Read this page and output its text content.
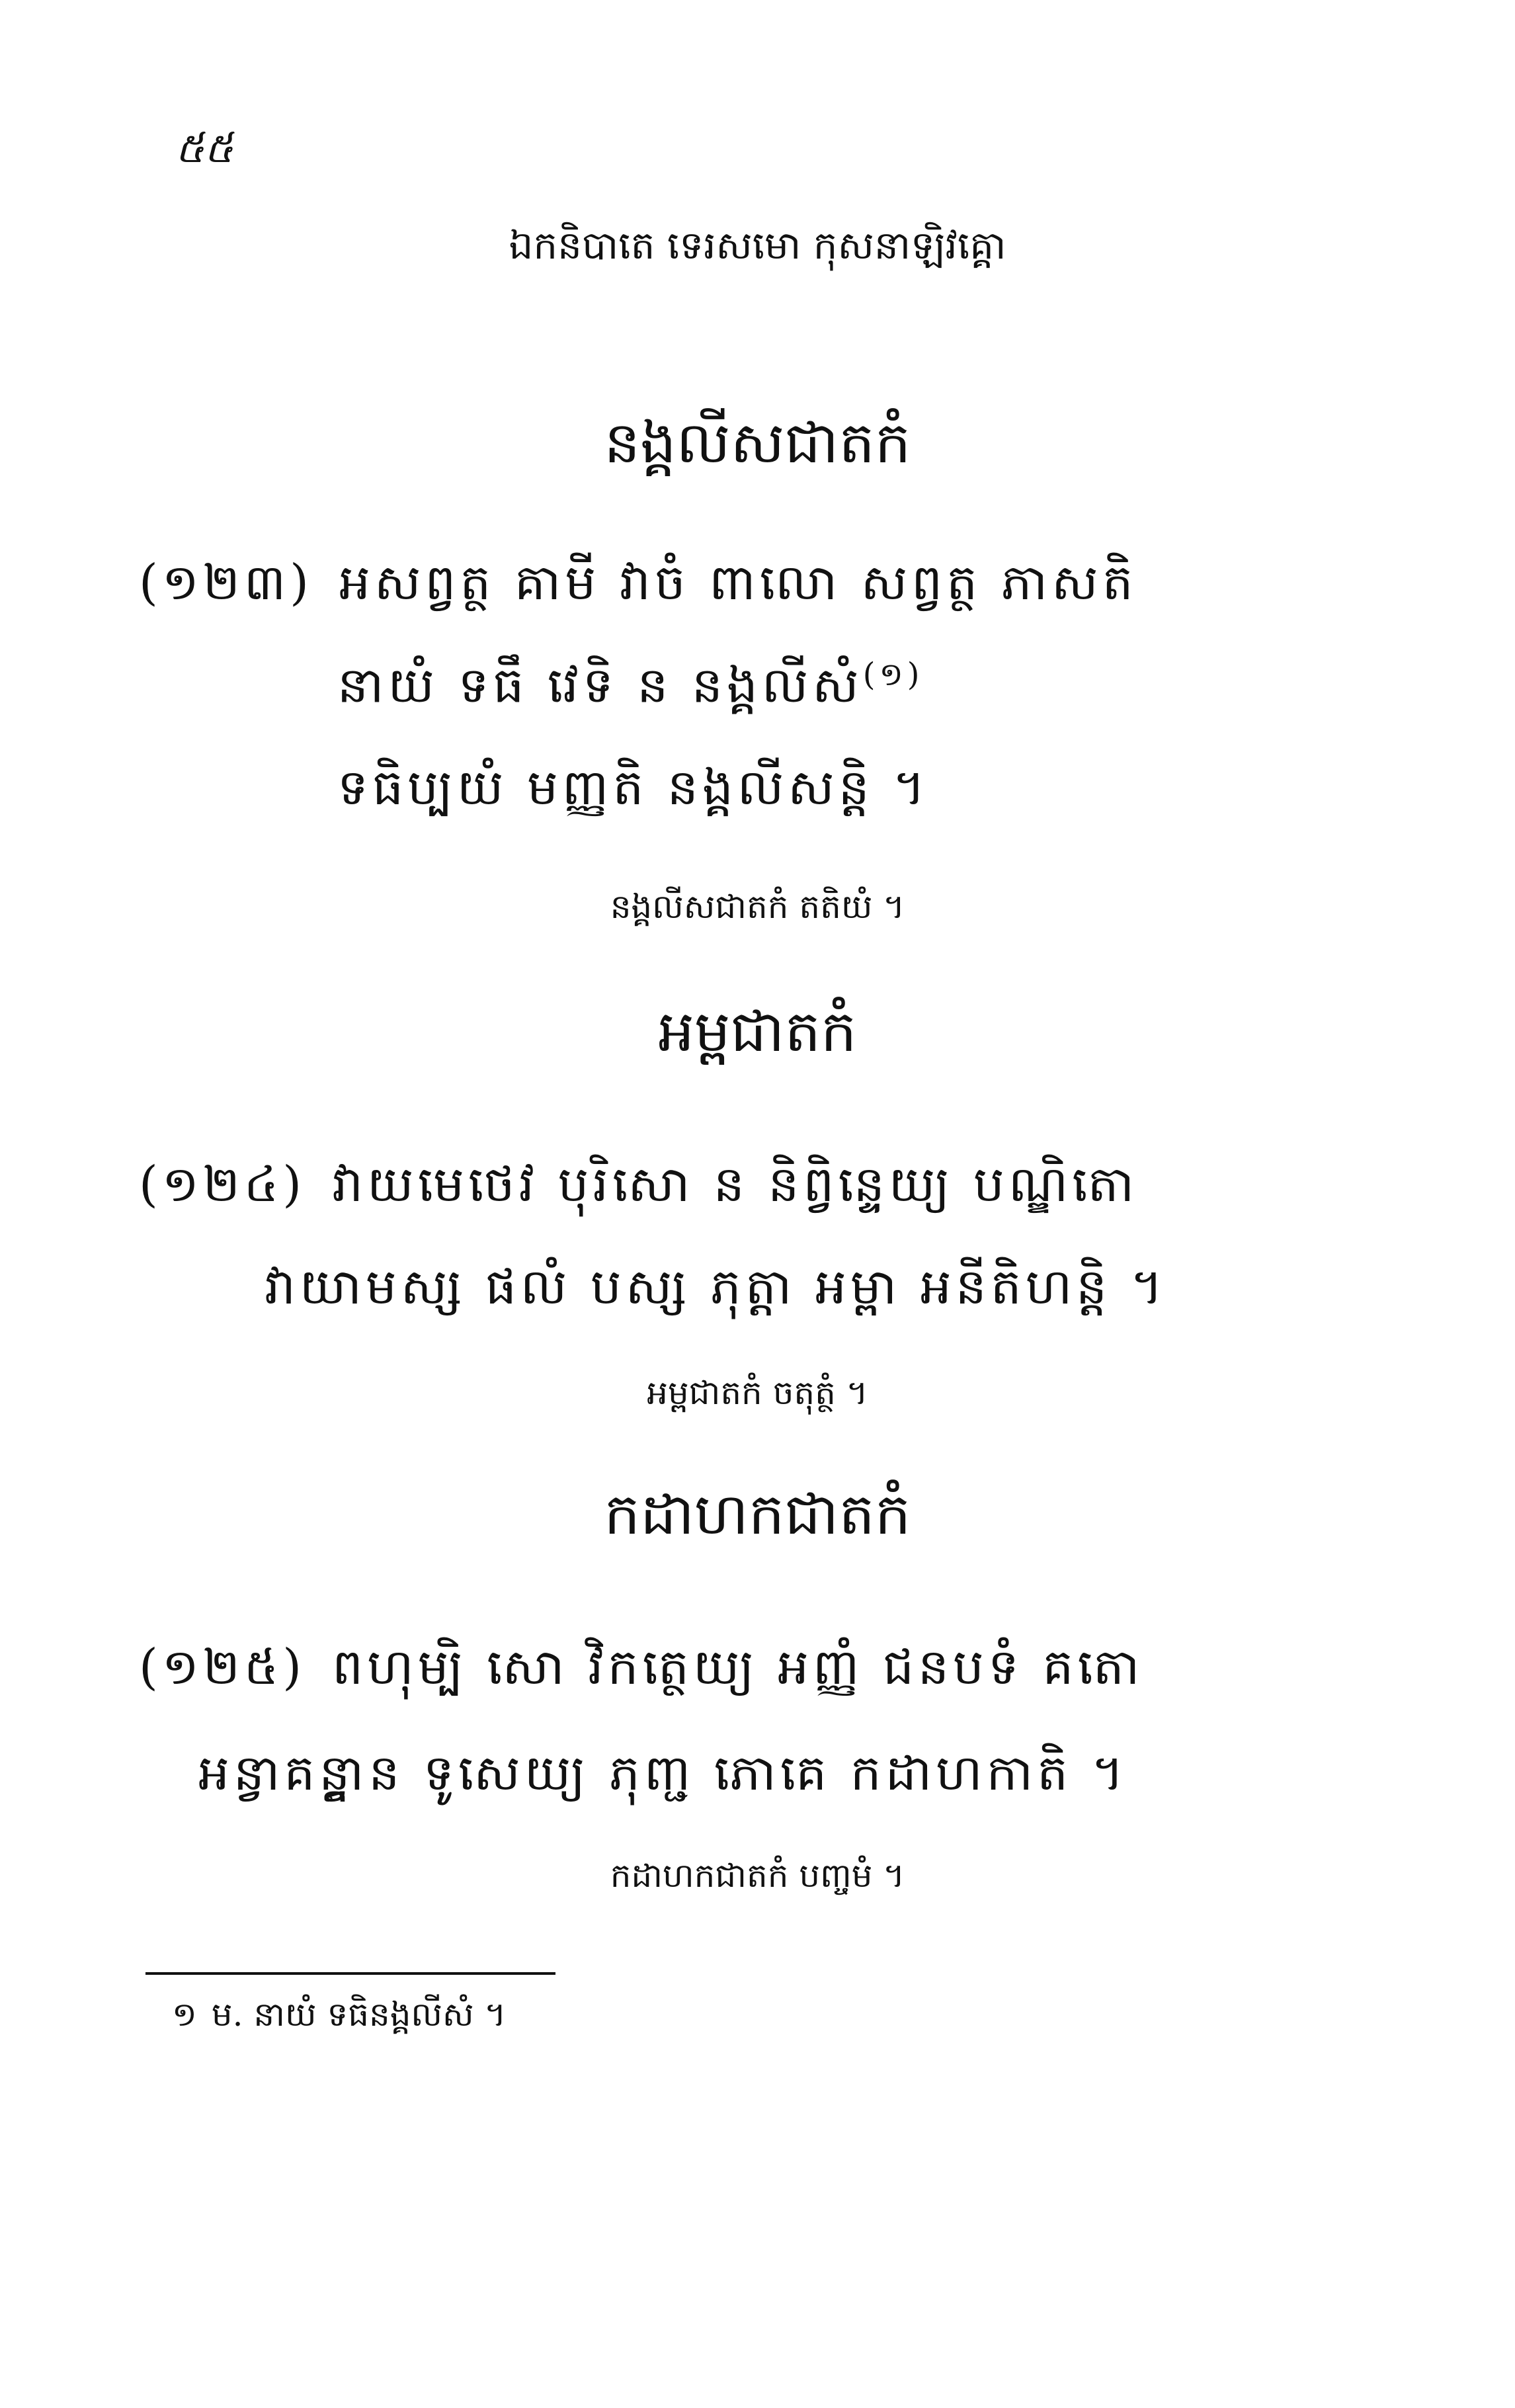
៥៥
ឯកនិបាតេ ទេរសមោ កុសនាឡិវគ្គោ
នង្គលីសជាតកំ
(១២៣) អសព្វត្ថ គាមី វាចំ ពាលោ សព្វត្ថ ភាសតិ
នាយំ ទធឹ វេទិ ន នង្គលីសំ$^{(១)}$
ទធិប្បយំ មញ្ញតិ នង្គលីសន្តិ ។
នង្គលីសជាតកំ តតិយំ ។
អម្ពជាតកំ
(១២៤) វាយមេថេវ បុរិសោ ន និព្វិន្ទេយ្យ បណ្ឌិតោ
វាយាមស្ស ផលំ បស្ស ភុត្តា អម្ពា អនីតិហន្តិ ។
អម្ពជាតកំ ចតុត្ថំ ។
កដាហកជាតកំ
(១២៥) ពហុម្បិ សោ វិកត្ថេយ្យ អញ្ញំ ជនបទំ គតោ
អន្វាគន្ត្វាន ទូសេយ្យ ភុញ្ជ ភោគេ កដាហកាតិ ។
កដាហកជាតកំ បញ្ចមំ ។
១ ម. នាយំ ទធិនង្គលីសំ ។
